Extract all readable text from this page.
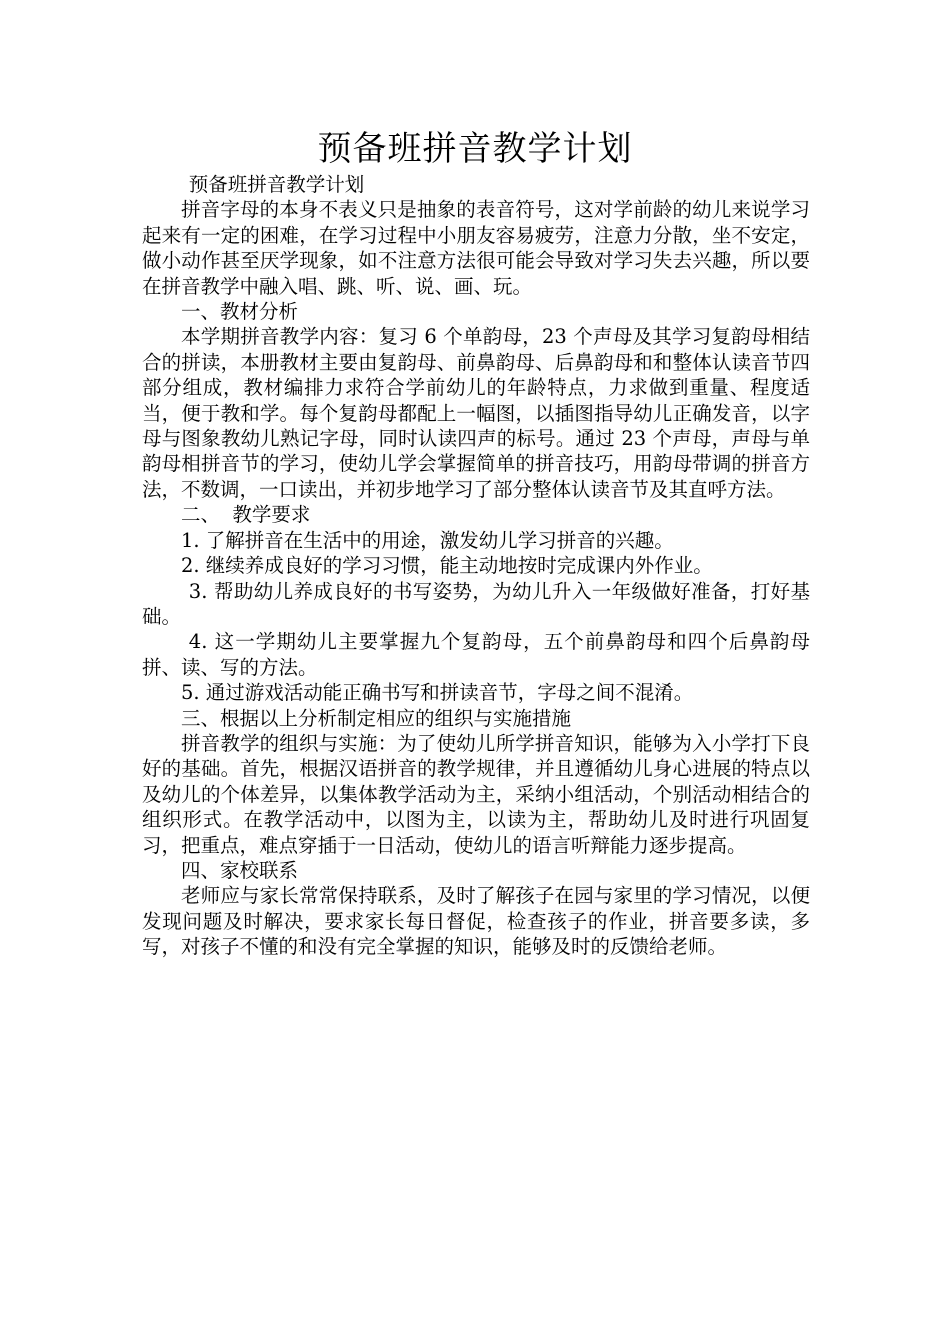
预备班拼音教学计划

预备班拼音教学计划

拼音字母的本身不表义只是抽象的表音符号，这对学前龄的幼儿来说学习起来有一定的困难，在学习过程中小朋友容易疲劳，注意力分散，坐不安定，做小动作甚至厌学现象，如不注意方法很可能会导致对学习失去兴趣，所以要在拼音教学中融入唱、跳、听、说、画、玩。

一、教材分析

本学期拼音教学内容：复习 6 个单韵母，23 个声母及其学习复韵母相结合的拼读，本册教材主要由复韵母、前鼻韵母、后鼻韵母和和整体认读音节四部分组成，教材编排力求符合学前幼儿的年龄特点，力求做到重量、程度适当，便于教和学。每个复韵母都配上一幅图，以插图指导幼儿正确发音，以字母与图象教幼儿熟记字母，同时认读四声的标号。通过 23 个声母，声母与单韵母相拼音节的学习，使幼儿学会掌握简单的拼音技巧，用韵母带调的拼音方法，不数调，一口读出，并初步地学习了部分整体认读音节及其直呼方法。

二、  教学要求

1. 了解拼音在生活中的用途，激发幼儿学习拼音的兴趣。

2. 继续养成良好的学习习惯，能主动地按时完成课内外作业。

3. 帮助幼儿养成良好的书写姿势，为幼儿升入一年级做好准备，打好基础。

4. 这一学期幼儿主要掌握九个复韵母，五个前鼻韵母和四个后鼻韵母拼、读、写的方法。

5. 通过游戏活动能正确书写和拼读音节，字母之间不混淆。

三、根据以上分析制定相应的组织与实施措施

拼音教学的组织与实施：为了使幼儿所学拼音知识，能够为入小学打下良好的基础。首先，根据汉语拼音的教学规律，并且遵循幼儿身心进展的特点以及幼儿的个体差异，以集体教学活动为主，采纳小组活动，个别活动相结合的组织形式。在教学活动中，以图为主，以读为主，帮助幼儿及时进行巩固复习，把重点，难点穿插于一日活动，使幼儿的语言听辩能力逐步提高。

四、家校联系

老师应与家长常常保持联系，及时了解孩子在园与家里的学习情况，以便发现问题及时解决，要求家长每日督促，检查孩子的作业，拼音要多读，多写，对孩子不懂的和没有完全掌握的知识，能够及时的反馈给老师。
